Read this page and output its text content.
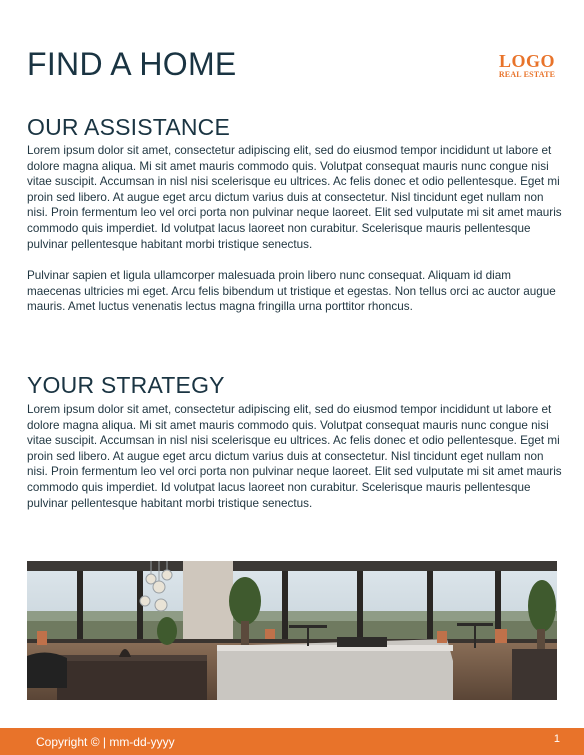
FIND A HOME	LOGO
REAL ESTATE
OUR ASSISTANCE

Lorem ipsum dolor sit amet, consectetur adipiscing elit, sed do eiusmod tempor incididunt ut labore et dolore magna aliqua. Mi sit amet mauris commodo quis. Volutpat consequat mauris nunc congue nisi vitae suscipit. Accumsan in nisl nisi scelerisque eu ultrices. Ac felis donec et odio pellentesque. Eget mi proin sed libero. At augue eget arcu dictum varius duis at consectetur. Nisl tincidunt eget nullam non nisi. Proin fermentum leo vel orci porta non pulvinar neque laoreet. Elit sed vulputate mi sit amet mauris commodo quis imperdiet. Id volutpat lacus laoreet non curabitur. Scelerisque mauris pellentesque pulvinar pellentesque habitant morbi tristique senectus.

Pulvinar sapien et ligula ullamcorper malesuada proin libero nunc consequat. Aliquam id diam maecenas ultricies mi eget. Arcu felis bibendum ut tristique et egestas. Non tellus orci ac auctor augue mauris. Amet luctus venenatis lectus magna fringilla urna porttitor rhoncus.

YOUR STRATEGY

Lorem ipsum dolor sit amet, consectetur adipiscing elit, sed do eiusmod tempor incididunt ut labore et dolore magna aliqua. Mi sit amet mauris commodo quis. Volutpat consequat mauris nunc congue nisi vitae suscipit. Accumsan in nisl nisi scelerisque eu ultrices. Ac felis donec et odio pellentesque. Eget mi proin sed libero. At augue eget arcu dictum varius duis at consectetur. Nisl tincidunt eget nullam non nisi. Proin fermentum leo vel orci porta non pulvinar neque laoreet. Elit sed vulputate mi sit amet mauris commodo quis imperdiet. Id volutpat lacus laoreet non curabitur. Scelerisque mauris pellentesque pulvinar pellentesque habitant morbi tristique senectus.

Copyright © | mm-dd-yyyy	1
